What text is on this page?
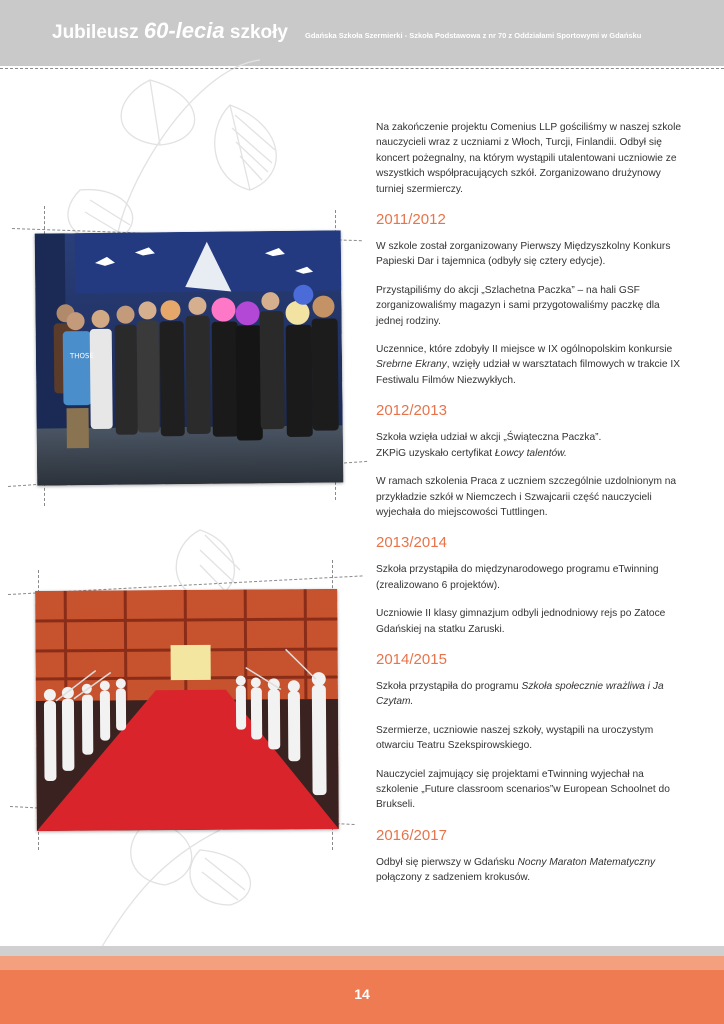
Jubileusz 60-lecia szkoły Gdańska Szkoła Szermierki - Szkoła Podstawowa z nr 70 z Oddziałami Sportowymi w Gdańsku
THOSE

Na zakończenie projektu Comenius LLP gościliśmy w naszej szkole nauczycieli wraz z uczniami z Włoch, Turcji, Finlandii. Odbył się koncert pożegnalny, na którym wystąpili utalentowani uczniowie ze wszystkich współpracujących szkół. Zorganizowano drużynowy turniej szermierczy.

2011/2012

W szkole został zorganizowany Pierwszy Międzyszkolny Konkurs Papieski Dar i tajemnica (odbyły się cztery edycje).

Przystąpiliśmy do akcji „Szlachetna Paczka” – na hali GSF zorganizowaliśmy magazyn i sami przygotowaliśmy paczkę dla jednej rodziny.

Uczennice, które zdobyły II miejsce w IX ogólnopolskim konkursie Srebrne Ekrany, wzięły udział w warsztatach filmowych w trakcie IX Festiwalu Filmów Niezwykłych.

2012/2013

Szkoła wzięła udział w akcji „Świąteczna Paczka”.
ZKPiG uzyskało certyfikat Łowcy talentów.

W ramach szkolenia Praca z uczniem szczególnie uzdolnionym na przykładzie szkół w Niemczech i Szwajcarii część nauczycieli wyjechała do miejscowości Tuttlingen.

2013/2014

Szkoła przystąpiła do międzynarodowego programu eTwinning (zrealizowano 6 projektów).

Uczniowie II klasy gimnazjum odbyli jednodniowy rejs po Zatoce Gdańskiej na statku Zaruski.

2014/2015

Szkoła przystąpiła do programu Szkoła społecznie wrażliwa i Ja Czytam.

Szermierze, uczniowie naszej szkoły, wystąpili na uroczystym otwarciu Teatru Szekspirowskiego.

Nauczyciel zajmujący się projektami eTwinning wyjechał na szkolenie „Future classroom scenarios”w European Schoolnet do Brukseli.

2016/2017

Odbył się pierwszy w Gdańsku Nocny Maraton Matematyczny połączony z sadzeniem krokusów.

14
